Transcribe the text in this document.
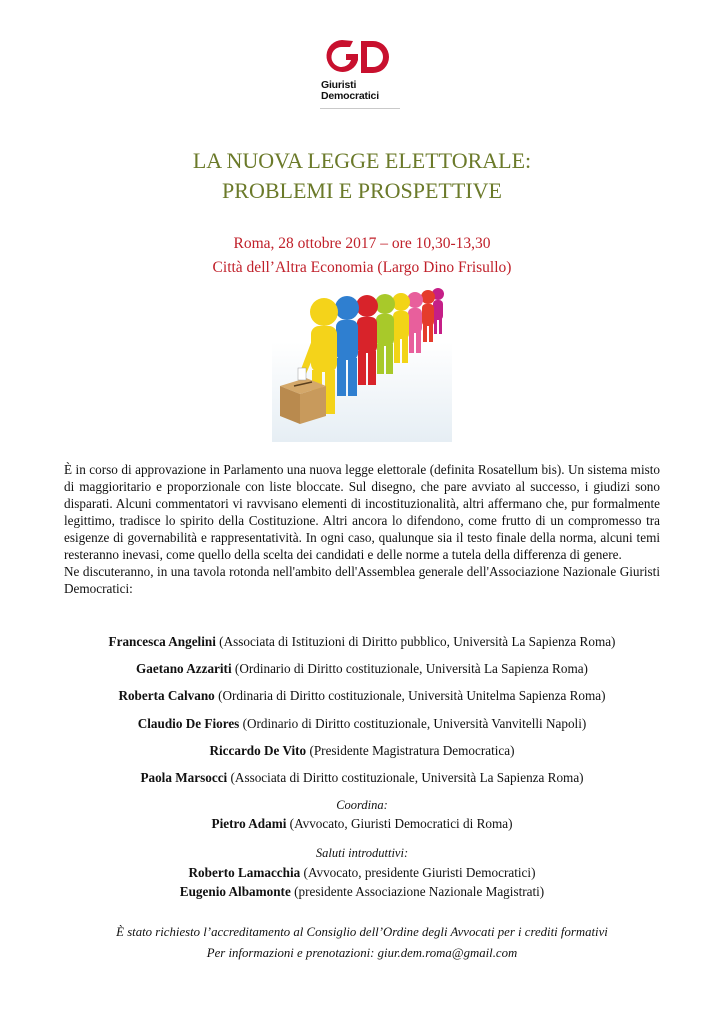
Giuristi
Democratici
LA NUOVA LEGGE ELETTORALE:
PROBLEMI E PROSPETTIVE
Roma, 28 ottobre 2017 – ore 10,30-13,30
Città dell’Altra Economia (Largo Dino Frisullo)

È in corso di approvazione in Parlamento una nuova legge elettorale (definita Rosatellum bis). Un sistema misto di maggioritario e proporzionale con liste bloccate. Sul disegno, che pare avviato al successo, i giudizi sono disparati. Alcuni commentatori vi ravvisano elementi di incostituzionalità, altri affermano che, pur formalmente legittimo, tradisce lo spirito della Costituzione. Altri ancora lo difendono, come frutto di un compromesso tra esigenze di governabilità e rappresentatività. In ogni caso, qualunque sia il testo finale della norma, alcuni temi resteranno inevasi, come quello della scelta dei candidati e delle norme a tutela della differenza di genere.

Ne discuteranno, in una tavola rotonda nell'ambito dell'Assemblea generale dell'Associazione Nazionale Giuristi Democratici:

Francesca Angelini (Associata di Istituzioni di Diritto pubblico, Università La Sapienza Roma)
Gaetano Azzariti (Ordinario di Diritto costituzionale, Università La Sapienza Roma)
Roberta Calvano (Ordinaria di Diritto costituzionale, Università Unitelma Sapienza Roma)
Claudio De Fiores (Ordinario di Diritto costituzionale, Università Vanvitelli Napoli)
Riccardo De Vito (Presidente Magistratura Democratica)
Paola Marsocci (Associata di Diritto costituzionale, Università La Sapienza Roma)
Coordina:
Pietro Adami (Avvocato, Giuristi Democratici di Roma)
Saluti introduttivi:
Roberto Lamacchia (Avvocato, presidente Giuristi Democratici)
Eugenio Albamonte (presidente Associazione Nazionale Magistrati)
È stato richiesto l’accreditamento al Consiglio dell’Ordine degli Avvocati per i crediti formativi
Per informazioni e prenotazioni: giur.dem.roma@gmail.com
